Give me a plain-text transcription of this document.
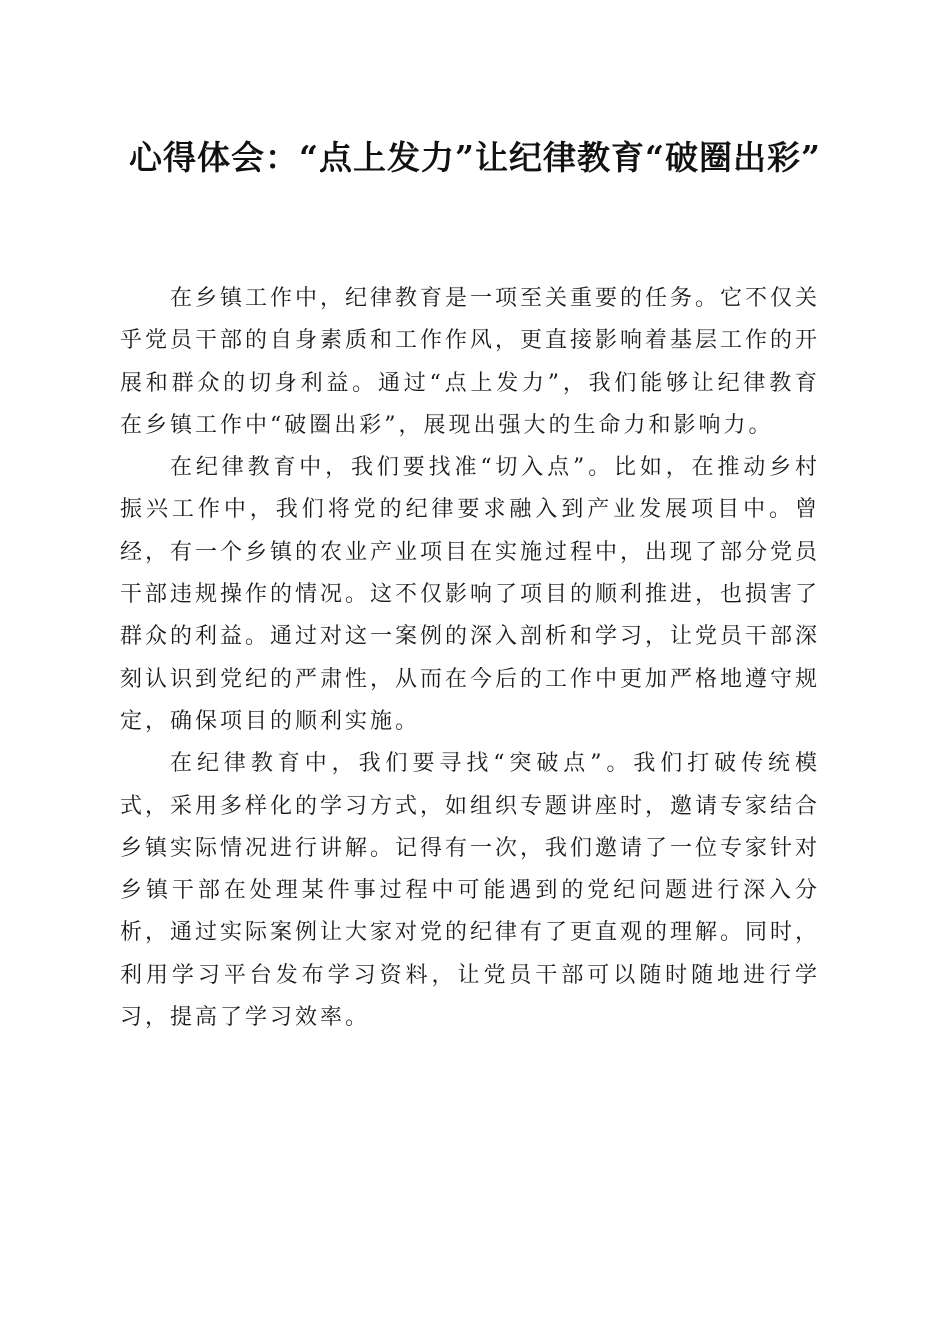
心得体会：“点上发力”让纪律教育“破圈出彩”

在乡镇工作中，纪律教育是一项至关重要的任务。它不仅关乎党员干部的自身素质和工作作风，更直接影响着基层工作的开展和群众的切身利益。通过“点上发力”，我们能够让纪律教育在乡镇工作中“破圈出彩”，展现出强大的生命力和影响力。

在纪律教育中，我们要找准“切入点”。比如，在推动乡村振兴工作中，我们将党的纪律要求融入到产业发展项目中。曾经，有一个乡镇的农业产业项目在实施过程中，出现了部分党员干部违规操作的情况。这不仅影响了项目的顺利推进，也损害了群众的利益。通过对这一案例的深入剖析和学习，让党员干部深刻认识到党纪的严肃性，从而在今后的工作中更加严格地遵守规定，确保项目的顺利实施。

在纪律教育中，我们要寻找“突破点”。我们打破传统模式，采用多样化的学习方式，如组织专题讲座时，邀请专家结合乡镇实际情况进行讲解。记得有一次，我们邀请了一位专家针对乡镇干部在处理某件事过程中可能遇到的党纪问题进行深入分析，通过实际案例让大家对党的纪律有了更直观的理解。同时，利用学习平台发布学习资料，让党员干部可以随时随地进行学习，提高了学习效率。
